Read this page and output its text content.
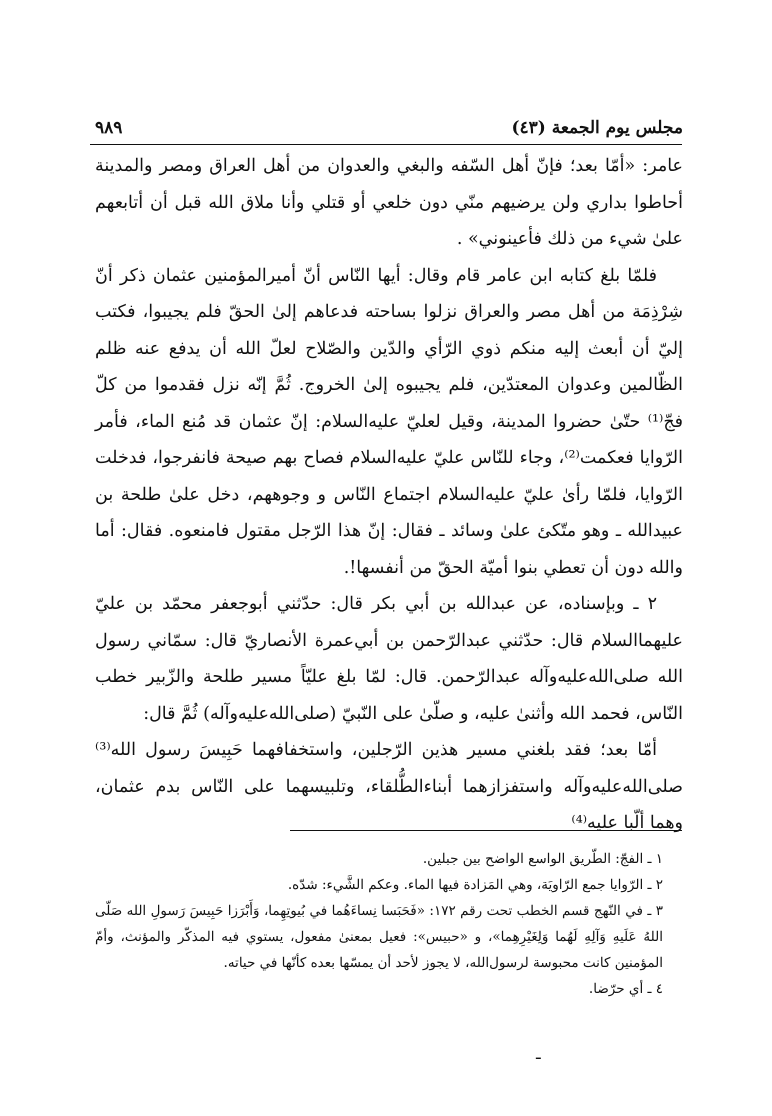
٩٨٩	مجلس يوم الجمعة (٤٣)

عامر: «أمّا بعد؛ فإنّ أهل السّفه والبغي والعدوان من أهل العراق ومصر والمدينة أحاطوا بداري ولن يرضيهم منّي دون خلعي أو قتلي وأنا ملاق الله قبل أن أتابعهم علىٰ شيء من ذلك فأعينوني» .

فلمّا بلغ كتابه ابن عامر قام وقال: أيها النّاس أنّ أميرالمؤمنين عثمان ذكر أنّ شِرْذِمَة من أهل مصر والعراق نزلوا بساحته فدعاهم إلىٰ الحقّ فلم يجيبوا، فكتب إليّ أن أبعث إليه منكم ذوي الرّأي والدّين والصّلاح لعلّ الله أن يدفع عنه ظلم الظّالمين وعدوان المعتدّين، فلم يجيبوه إلىٰ الخروج. ثُمَّ إنّه نزل فقدموا من كلّ فجّ⁽¹⁾ حتّىٰ حضروا المدينة، وقيل لعليّ عليه‌السلام: إنّ عثمان قد مُنع الماء، فأمر الرّوايا فعكمت⁽²⁾، وجاء للنّاس عليّ عليه‌السلام فصاح بهم صيحة فانفرجوا، فدخلت الرّوايا، فلمّا رأىٰ عليّ عليه‌السلام اجتماع النّاس و وجوههم، دخل علىٰ طلحة بن عبيدالله ـ وهو متّكئ علىٰ وسائد ـ فقال: إنّ هذا الرّجل مقتول فامنعوه. فقال: أما والله دون أن تعطي بنوا أميّة الحقّ من أنفسها!.

٢ ـ وبإسناده، عن عبدالله بن أبي بكر قال: حدّثني أبوجعفر محمّد بن عليّ عليهما‌السلام قال: حدّثني عبدالرّحمن بن أبي‌عمرة الأنصاريّ قال: سمّاني رسول الله صلى‌الله‌عليه‌وآله عبدالرّحمن. قال: لمّا بلغ عليّاً مسير طلحة والزّبير خطب النّاس، فحمد الله وأثنىٰ عليه، و صلّىٰ على النّبيّ (صلى‌الله‌عليه‌وآله) ثُمَّ قال:

أمّا بعد؛ فقد بلغني مسير هذين الرّجلين، واستخفافهما حَبِيسَ رسول الله⁽³⁾ صلى‌الله‌عليه‌وآله واستفزازهما أبناءالطُّلقاء، وتلبيسهما على النّاس بدم عثمان، وهما ألّبا عليه⁽⁴⁾

١ ـ الفجّ: الطّريق الواسع الواضح بين جبلين.

٢ ـ الرّوايا جمع الرّاويَة، وهي المَزادة فيها الماء. وعكم الشَّيء: شدّه.

٣ ـ في النّهج قسم الخطب تحت رقم ١٧٢: «فَحَبَسا نِساءَهُما في بُيوتِهِما، وَأَبْرَزا حَبِيسَ رَسولِ الله صَلّى اللهُ عَلَيهِ وَآلِهِ لَهُما وَلِغَيْرِهِما»، و «حبيس»: فعيل بمعنىٰ مفعول، يستوي فيه المذكّر والمؤنث، وأمّ المؤمنين كانت محبوسة لرسول‌الله، لا يجوز لأحد أن يمسّها بعده كأنّها في حياته.

٤ ـ أي حرّضا.

ـ
